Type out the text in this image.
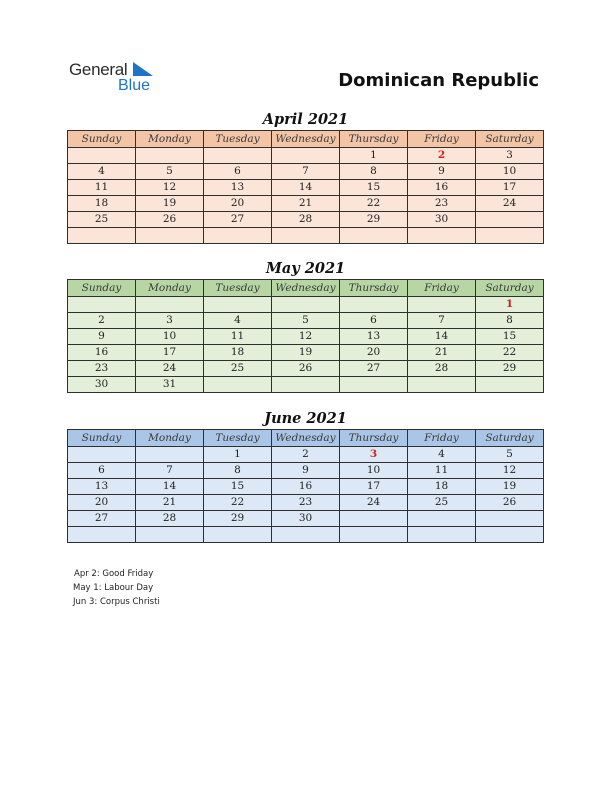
General
Blue	Dominican Republic
April 2021
Sunday	Monday	Tuesday	Wednesday	Thursday	Friday	Saturday
				1	2	3
4	5	6	7	8	9	10
11	12	13	14	15	16	17
18	19	20	21	22	23	24
25	26	27	28	29	30	

May 2021
Sunday	Monday	Tuesday	Wednesday	Thursday	Friday	Saturday
						1
2	3	4	5	6	7	8
9	10	11	12	13	14	15
16	17	18	19	20	21	22
23	24	25	26	27	28	29
30	31					
June 2021
Sunday	Monday	Tuesday	Wednesday	Thursday	Friday	Saturday
		1	2	3	4	5
6	7	8	9	10	11	12
13	14	15	16	17	18	19
20	21	22	23	24	25	26
27	28	29	30			

Apr 2: Good Friday
May 1: Labour Day
Jun 3: Corpus Christi
